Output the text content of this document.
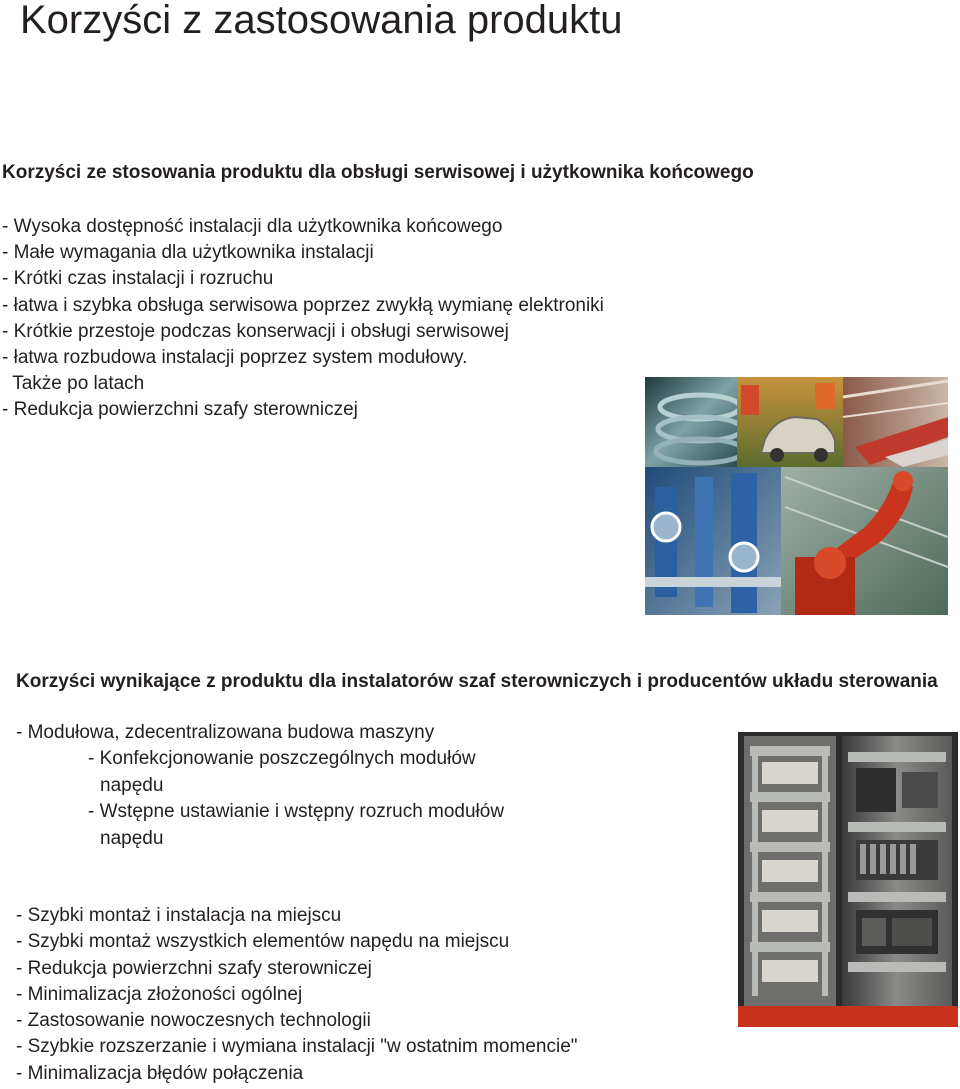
Korzyści z zastosowania produktu
Korzyści ze stosowania produktu dla obsługi serwisowej i użytkownika końcowego
- Wysoka dostępność instalacji dla użytkownika końcowego
- Małe wymagania dla użytkownika instalacji
- Krótki czas instalacji i rozruchu
- łatwa i szybka obsługa serwisowa poprzez zwykłą wymianę elektroniki
- Krótkie przestoje podczas konserwacji i obsługi serwisowej
- łatwa rozbudowa instalacji poprzez system modułowy.
Także po latach
- Redukcja powierzchni szafy sterowniczej
Korzyści wynikające z produktu dla instalatorów szaf sterowniczych i producentów układu sterowania
- Modułowa, zdecentralizowana budowa maszyny
- Konfekcjonowanie poszczególnych modułów
napędu
- Wstępne ustawianie i wstępny rozruch modułów
napędu
- Szybki montaż i instalacja na miejscu
- Szybki montaż wszystkich elementów napędu na miejscu
- Redukcja powierzchni szafy sterowniczej
- Minimalizacja złożoności ogólnej
- Zastosowanie nowoczesnych technologii
- Szybkie rozszerzanie i wymiana instalacji "w ostatnim momencie"
- Minimalizacja błędów połączenia
